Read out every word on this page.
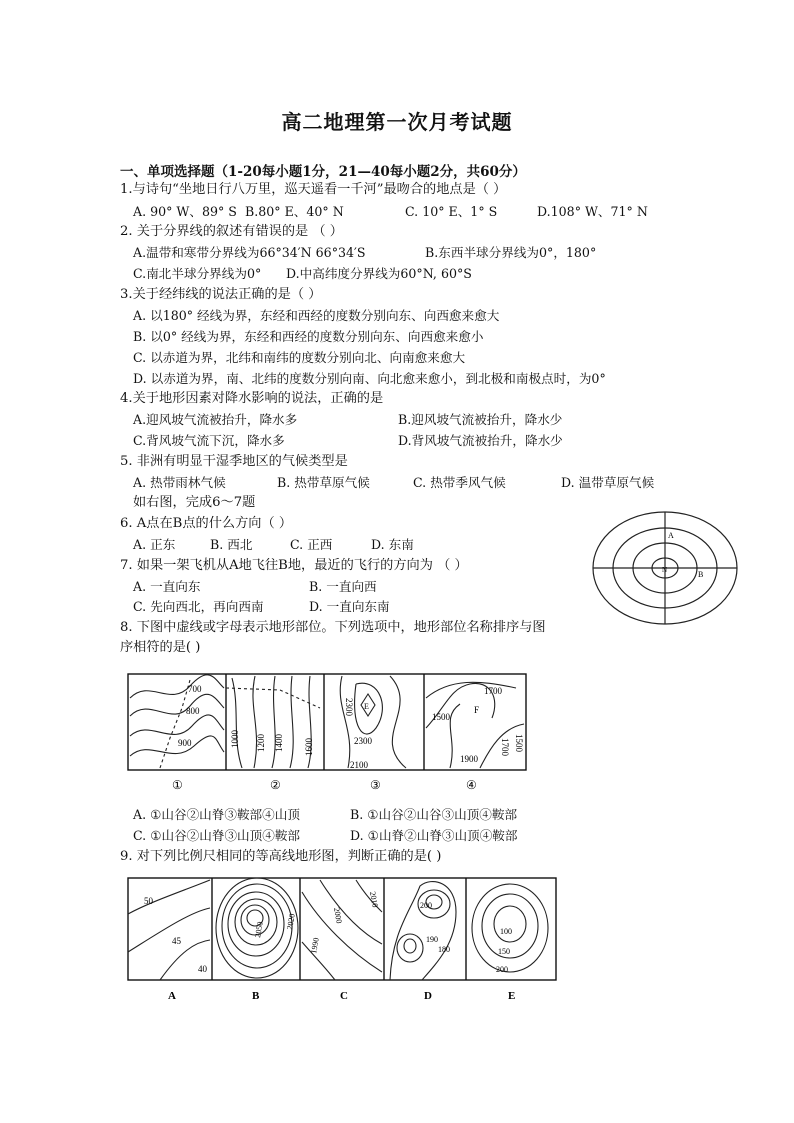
高二地理第一次月考试题
一、单项选择题（1-20每小题1分，21—40每小题2分，共60分）
1.与诗句“坐地日行八万里，巡天遥看一千河”最吻合的地点是（ ）
A. 90° W、89° S B.80° E、40° N	C. 10° E、1° S	D.108° W、71° N
2. 关于分界线的叙述有错误的是 （ ）
A.温带和寒带分界线为66°34′N 66°34′S	B.东西半球分界线为0°，180°
C.南北半球分界线为0° D.中高纬度分界线为60°N, 60°S
3.关于经纬线的说法正确的是（ ）
A. 以180° 经线为界，东经和西经的度数分别向东、向西愈来愈大
B. 以0° 经线为界，东经和西经的度数分别向东、向西愈来愈小
C. 以赤道为界，北纬和南纬的度数分别向北、向南愈来愈大
D. 以赤道为界，南、北纬的度数分别向南、向北愈来愈小，到北极和南极点时，为0°
4.关于地形因素对降水影响的说法，正确的是
A.迎风坡气流被抬升，降水多	B.迎风坡气流被抬升，降水少
C.背风坡气流下沉，降水多	D.背风坡气流被抬升，降水少
5. 非洲有明显干湿季地区的气候类型是
A. 热带雨林气候	B. 热带草原气候	C. 热带季风气候	D. 温带草原气候
如右图，完成6～7题
6. A点在B点的什么方向（ ）
A. 正东	B. 西北	C. 正西	D. 东南
7. 如果一架飞机从A地飞往B地，最近的飞行的方向为 （ ）
A. 一直向东	B. 一直向西
C. 先向西北，再向西南	D. 一直向东南
A
B
N
8. 下图中虚线或字母表示地形部位。下列选项中，地形部位名称排序与图
序相符的是( )
700
800
900	1000 1200 1400 1600
2300 E
2300
2100
1700
1500
F
1700 1500
1900
①	②	③	④
A. ①山谷②山脊③鞍部④山顶	B. ①山谷②山谷③山顶④鞍部
C. ①山谷②山脊③山顶④鞍部	D. ①山脊②山脊③山顶④鞍部
9. 对下列比例尺相同的等高线地形图，判断正确的是( )
50
45
40
2050	2020	2000
2010
1990
200
190
180
100
150
200
A	B	C	D	E
